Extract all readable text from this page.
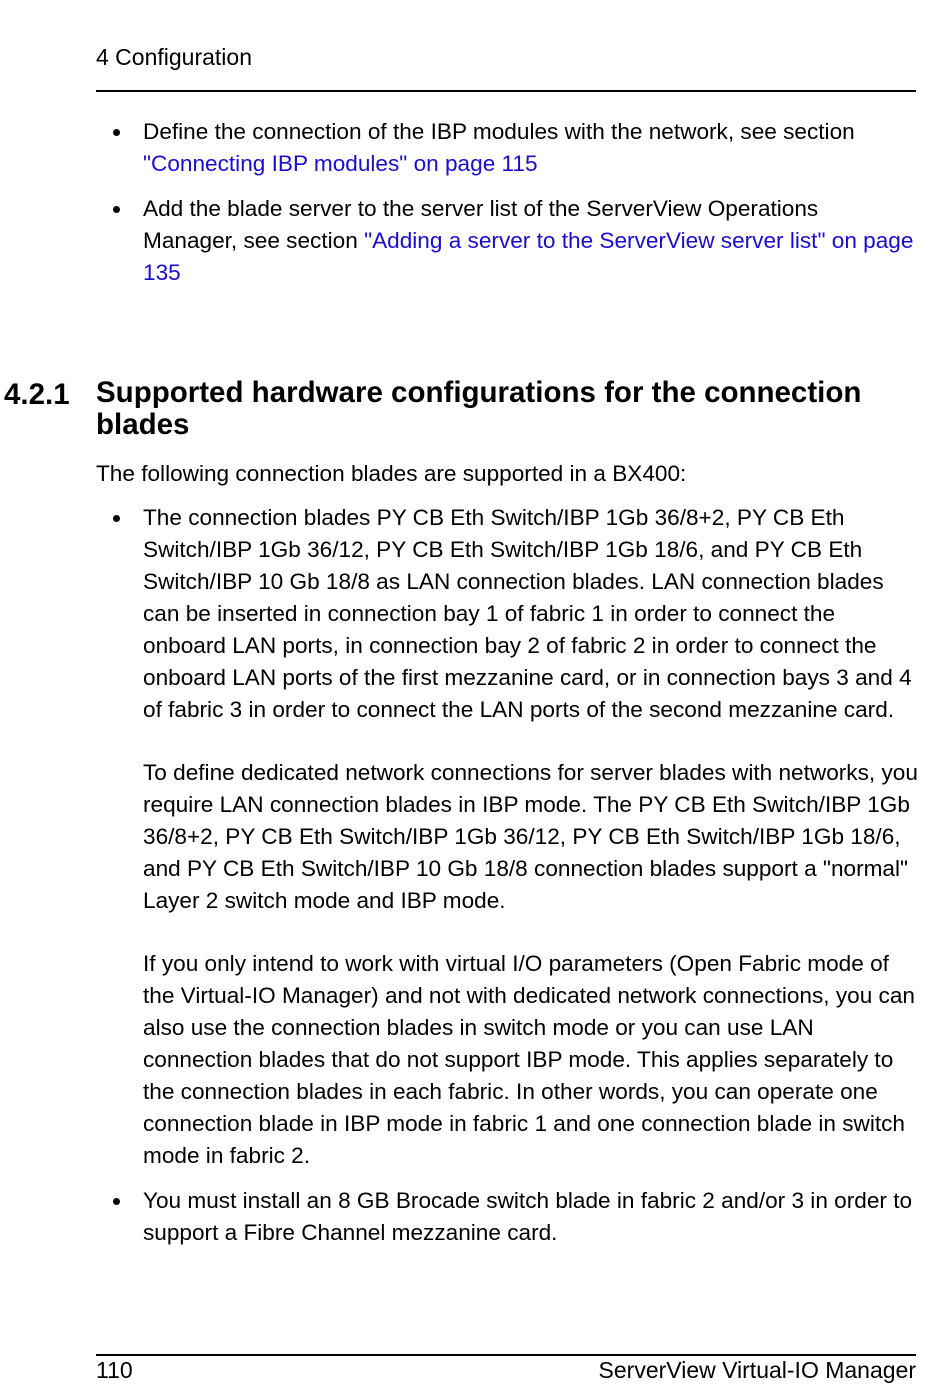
4 Configuration
Define the connection of the IBP modules with the network, see section "Connecting IBP modules" on page 115
Add the blade server to the server list of the ServerView Operations Manager, see section "Adding a server to the ServerView server list" on page 135
4.2.1 Supported hardware configurations for the connection blades
The following connection blades are supported in a BX400:
The connection blades PY CB Eth Switch/IBP 1Gb 36/8+2, PY CB Eth Switch/IBP 1Gb 36/12, PY CB Eth Switch/IBP 1Gb 18/6, and PY CB Eth Switch/IBP 10 Gb 18/8 as LAN connection blades. LAN connection blades can be inserted in connection bay 1 of fabric 1 in order to connect the onboard LAN ports, in connection bay 2 of fabric 2 in order to connect the onboard LAN ports of the first mezzanine card, or in connection bays 3 and 4 of fabric 3 in order to connect the LAN ports of the second mezzanine card.
To define dedicated network connections for server blades with networks, you require LAN connection blades in IBP mode. The PY CB Eth Switch/IBP 1Gb 36/8+2, PY CB Eth Switch/IBP 1Gb 36/12, PY CB Eth Switch/IBP 1Gb 18/6, and PY CB Eth Switch/IBP 10 Gb 18/8 connection blades support a "normal" Layer 2 switch mode and IBP mode.
If you only intend to work with virtual I/O parameters (Open Fabric mode of the Virtual-IO Manager) and not with dedicated network connections, you can also use the connection blades in switch mode or you can use LAN connection blades that do not support IBP mode. This applies separately to the connection blades in each fabric. In other words, you can operate one connection blade in IBP mode in fabric 1 and one connection blade in switch mode in fabric 2.
You must install an 8 GB Brocade switch blade in fabric 2 and/or 3 in order to support a Fibre Channel mezzanine card.
110	ServerView Virtual-IO Manager
